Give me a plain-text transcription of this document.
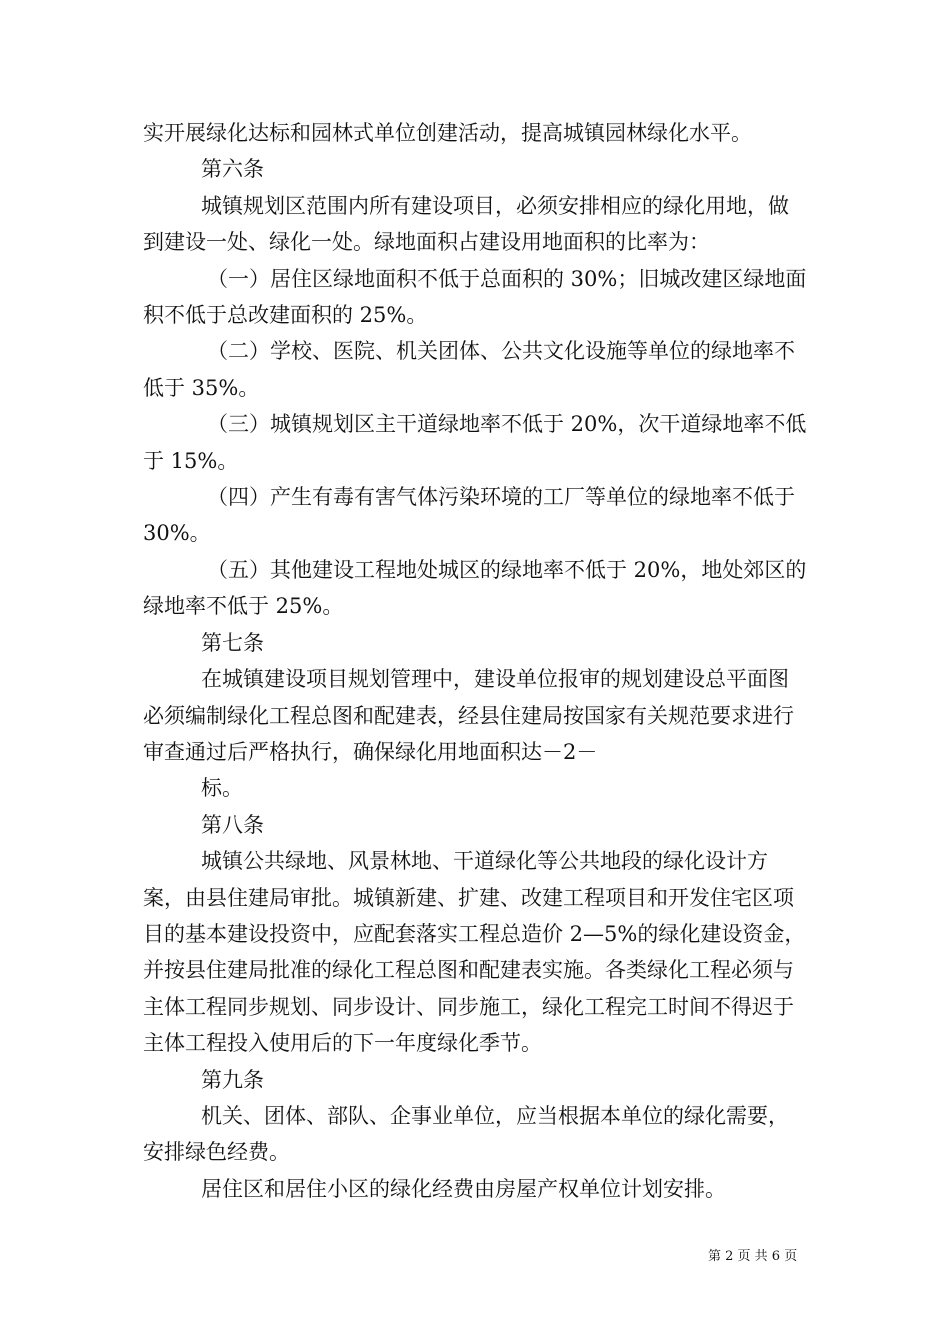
实开展绿化达标和园林式单位创建活动，提高城镇园林绿化水平。

第六条

城镇规划区范围内所有建设项目，必须安排相应的绿化用地，做到建设一处、绿化一处。绿地面积占建设用地面积的比率为：

（一）居住区绿地面积不低于总面积的 30%；旧城改建区绿地面积不低于总改建面积的 25%。

（二）学校、医院、机关团体、公共文化设施等单位的绿地率不低于 35%。

（三）城镇规划区主干道绿地率不低于 20%，次干道绿地率不低于 15%。

（四）产生有毒有害气体污染环境的工厂等单位的绿地率不低于 30%。

（五）其他建设工程地处城区的绿地率不低于 20%，地处郊区的绿地率不低于 25%。

第七条

在城镇建设项目规划管理中，建设单位报审的规划建设总平面图必须编制绿化工程总图和配建表，经县住建局按国家有关规范要求进行审查通过后严格执行，确保绿化用地面积达－2－

标。

第八条

城镇公共绿地、风景林地、干道绿化等公共地段的绿化设计方案，由县住建局审批。城镇新建、扩建、改建工程项目和开发住宅区项目的基本建设投资中，应配套落实工程总造价 2—5%的绿化建设资金，并按县住建局批准的绿化工程总图和配建表实施。各类绿化工程必须与主体工程同步规划、同步设计、同步施工，绿化工程完工时间不得迟于主体工程投入使用后的下一年度绿化季节。

第九条

机关、团体、部队、企事业单位，应当根据本单位的绿化需要，安排绿色经费。

居住区和居住小区的绿化经费由房屋产权单位计划安排。

第 2 页 共 6 页
